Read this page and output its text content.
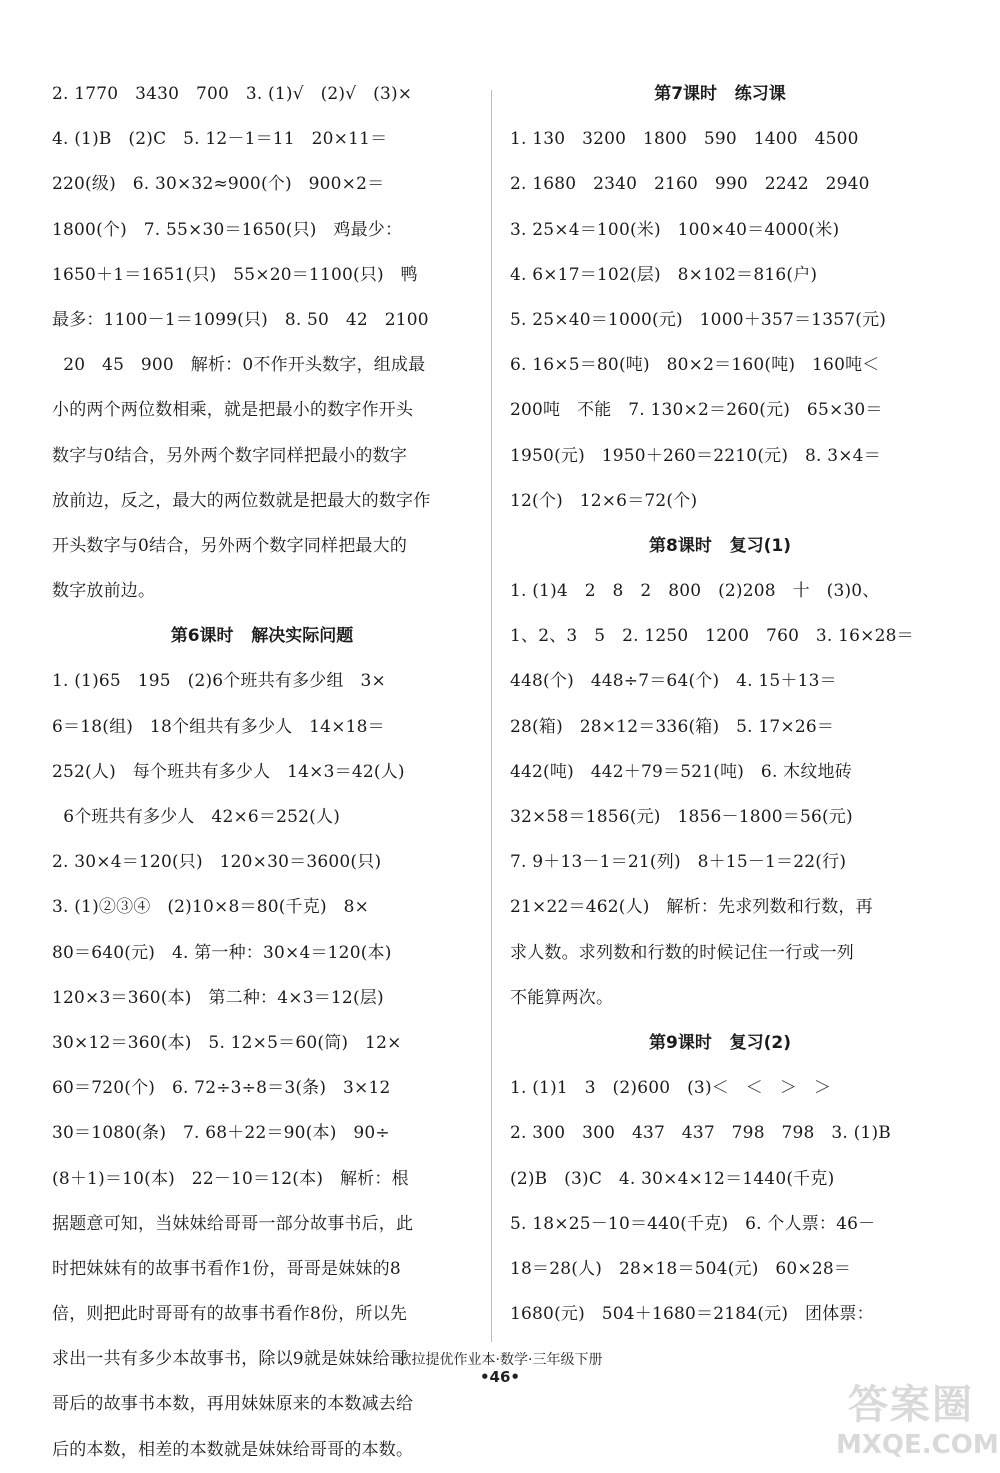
2. 1770   3430   700   3. (1)√   (2)√   (3)×
4. (1)B   (2)C   5. 12－1＝11   20×11＝
220(级)   6. 30×32≈900(个)   900×2＝
1800(个)   7. 55×30＝1650(只)   鸡最少：
1650＋1＝1651(只)   55×20＝1100(只)   鸭
最多：1100－1＝1099(只)   8. 50   42   2100
20   45   900   解析：0不作开头数字，组成最
小的两个两位数相乘，就是把最小的数字作开头
数字与0结合，另外两个数字同样把最小的数字
放前边，反之，最大的两位数就是把最大的数字作
开头数字与0结合，另外两个数字同样把最大的
数字放前边。
第6课时   解决实际问题
1. (1)65   195   (2)6个班共有多少组   3×
6＝18(组)   18个组共有多少人   14×18＝
252(人)   每个班共有多少人   14×3＝42(人)
6个班共有多少人   42×6＝252(人)
2. 30×4＝120(只)   120×30＝3600(只)
3. (1)②③④   (2)10×8＝80(千克)   8×
80＝640(元)   4. 第一种：30×4＝120(本)
120×3＝360(本)   第二种：4×3＝12(层)
30×12＝360(本)   5. 12×5＝60(筒)   12×
60＝720(个)   6. 72÷3÷8＝3(条)   3×12
30＝1080(条)   7. 68＋22＝90(本)   90÷
(8＋1)＝10(本)   22－10＝12(本)   解析：根
据题意可知，当妹妹给哥哥一部分故事书后，此
时把妹妹有的故事书看作1份，哥哥是妹妹的8
倍，则把此时哥哥有的故事书看作8份，所以先
求出一共有多少本故事书，除以9就是妹妹给哥
哥后的故事书本数，再用妹妹原来的本数减去给
后的本数，相差的本数就是妹妹给哥哥的本数。
第7课时   练习课
1. 130   3200   1800   590   1400   4500
2. 1680   2340   2160   990   2242   2940
3. 25×4＝100(米)   100×40＝4000(米)
4. 6×17＝102(层)   8×102＝816(户)
5. 25×40＝1000(元)   1000＋357＝1357(元)
6. 16×5＝80(吨)   80×2＝160(吨)   160吨＜
200吨   不能   7. 130×2＝260(元)   65×30＝
1950(元)   1950＋260＝2210(元)   8. 3×4＝
12(个)   12×6＝72(个)
第8课时   复习(1)
1. (1)4   2   8   2   800   (2)208   十   (3)0、
1、2、3   5   2. 1250   1200   760   3. 16×28＝
448(个)   448÷7＝64(个)   4. 15＋13＝
28(箱)   28×12＝336(箱)   5. 17×26＝
442(吨)   442＋79＝521(吨)   6. 木纹地砖
32×58＝1856(元)   1856－1800＝56(元)
7. 9＋13－1＝21(列)   8＋15－1＝22(行)
21×22＝462(人)   解析：先求列数和行数，再
求人数。求列数和行数的时候记住一行或一列
不能算两次。
第9课时   复习(2)
1. (1)1   3   (2)600   (3)＜   ＜   ＞   ＞
2. 300   300   437   437   798   798   3. (1)B
(2)B   (3)C   4. 30×4×12＝1440(千克)
5. 18×25－10＝440(千克)   6. 个人票：46－
18＝28(人)   28×18＝504(元)   60×28＝
1680(元)   504＋1680＝2184(元)   团体票：
欧拉提优作业本·数学·三年级下册
•46•
答案圈
MXQE.COM
